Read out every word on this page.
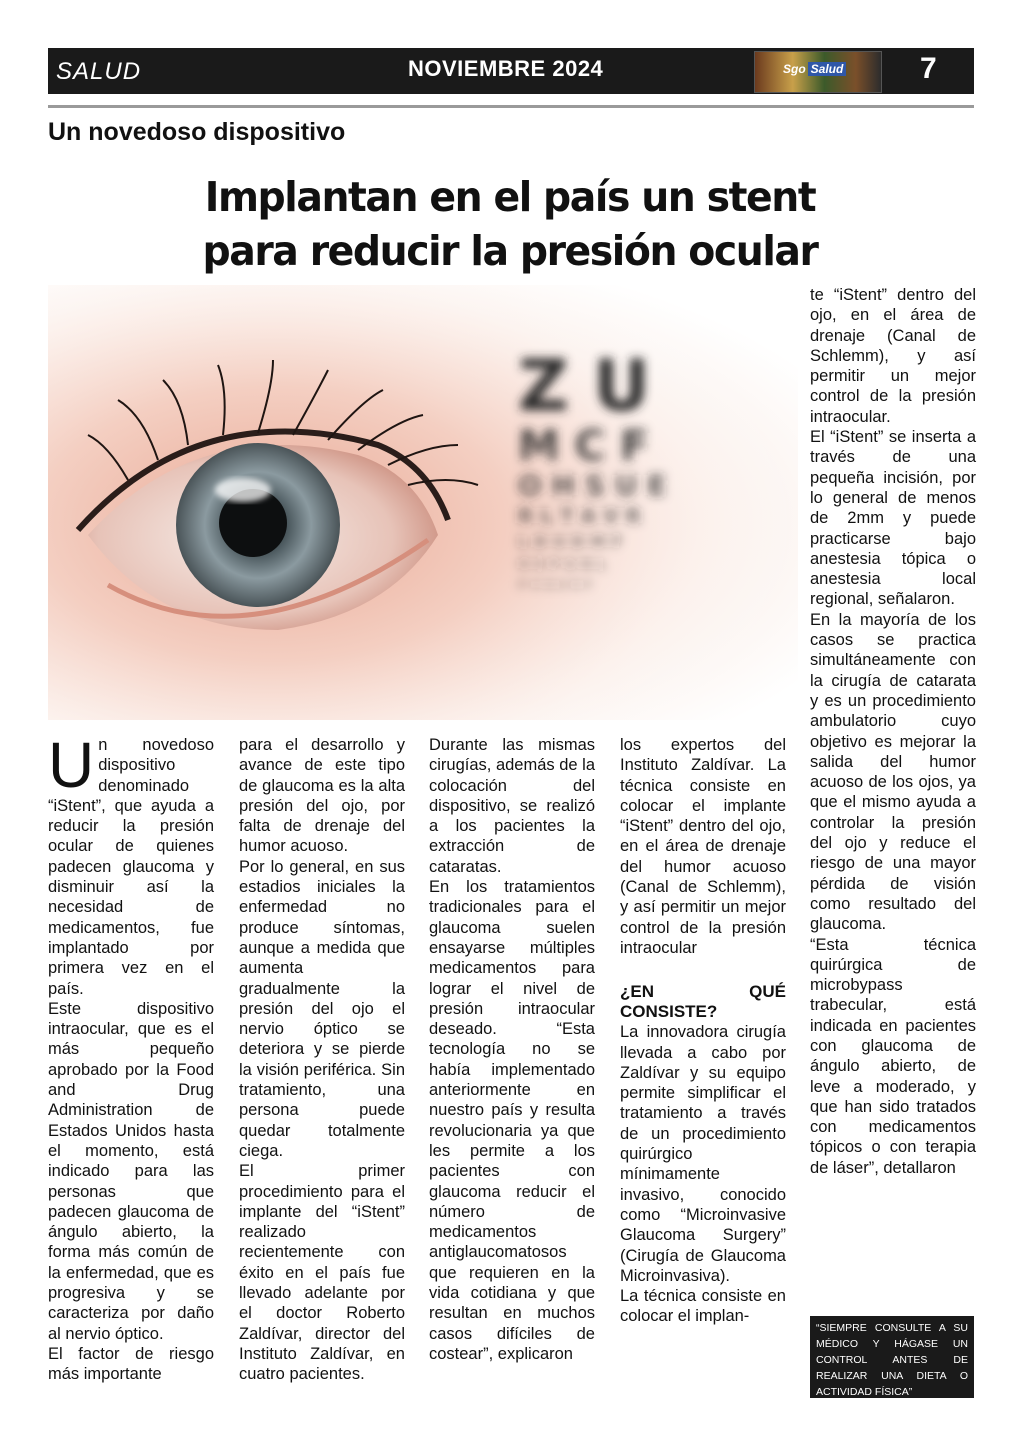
SALUD	NOVIEMBRE 2024	Sgo Salud	7
Un novedoso dispositivo
Implantan en el país un stent
para reducir la presión ocular
Z U
M C F
O H S U E
R L T A V R
L D U D M F
O E P G N L
P O B E R F

Un novedoso dispositivo denominado “iStent”, que ayuda a reducir la presión ocular de quienes padecen glaucoma y disminuir así la necesidad de medicamentos, fue implantado por primera vez en el país.

Este dispositivo intraocular, que es el más pequeño aprobado por la Food and Drug Administration de Estados Unidos hasta el momento, está indicado para las personas que padecen glaucoma de ángulo abierto, la forma más común de la enfermedad, que es progresiva y se caracteriza por daño al nervio óptico.

El factor de riesgo más importante

para el desarrollo y avance de este tipo de glaucoma es la alta presión del ojo, por falta de drenaje del humor acuoso.

Por lo general, en sus estadios iniciales la enfermedad no produce síntomas, aunque a medida que aumenta gradualmente la presión del ojo el nervio óptico se deteriora y se pierde la visión periférica. Sin tratamiento, una persona puede quedar totalmente ciega.

El primer procedimiento para el implante del “iStent” realizado recientemente con éxito en el país fue llevado adelante por el doctor Roberto Zaldívar, director del Instituto Zaldívar, en cuatro pacientes.

Durante las mismas cirugías, además de la colocación del dispositivo, se realizó a los pacientes la extracción de cataratas.

En los tratamientos tradicionales para el glaucoma suelen ensayarse múltiples medicamentos para lograr el nivel de presión intraocular deseado. “Esta tecnología no se había implementado anteriormente en nuestro país y resulta revolucionaria ya que les permite a los pacientes con glaucoma reducir el número de medicamentos antiglaucomatosos que requieren en la vida cotidiana y que resultan en muchos casos difíciles de costear”, explicaron

los expertos del Instituto Zaldívar. La técnica consiste en colocar el implante “iStent” dentro del ojo, en el área de drenaje del humor acuoso (Canal de Schlemm), y así permitir un mejor control de la presión intraocular

¿EN QUÉ CONSISTE?

La innovadora cirugía llevada a cabo por Zaldívar y su equipo permite simplificar el tratamiento a través de un procedimiento quirúrgico mínimamente invasivo, conocido como “Microinvasive Glaucoma Surgery” (Cirugía de Glaucoma Microinvasiva).

La técnica consiste en colocar el implan-

te “iStent” dentro del ojo, en el área de drenaje (Canal de Schlemm), y así permitir un mejor control de la presión intraocular.

El “iStent” se inserta a través de una pequeña incisión, por lo general de menos de 2mm y puede practicarse bajo anestesia tópica o anestesia local regional, señalaron.

En la mayoría de los casos se practica simultáneamente con la cirugía de catarata y es un procedimiento ambulatorio cuyo objetivo es mejorar la salida del humor acuoso de los ojos, ya que el mismo ayuda a controlar la presión del ojo y reduce el riesgo de una mayor pérdida de visión como resultado del glaucoma.

“Esta técnica quirúrgica de microbypass trabecular, está indicada en pacientes con glaucoma de ángulo abierto, de leve a moderado, y que han sido tratados con medicamentos tópicos o con terapia de láser”, detallaron

“SIEMPRE CONSULTE A SU MÉDICO Y HÁGASE UN CONTROL ANTES DE REALIZAR UNA DIETA O ACTIVIDAD FÍSICA”
